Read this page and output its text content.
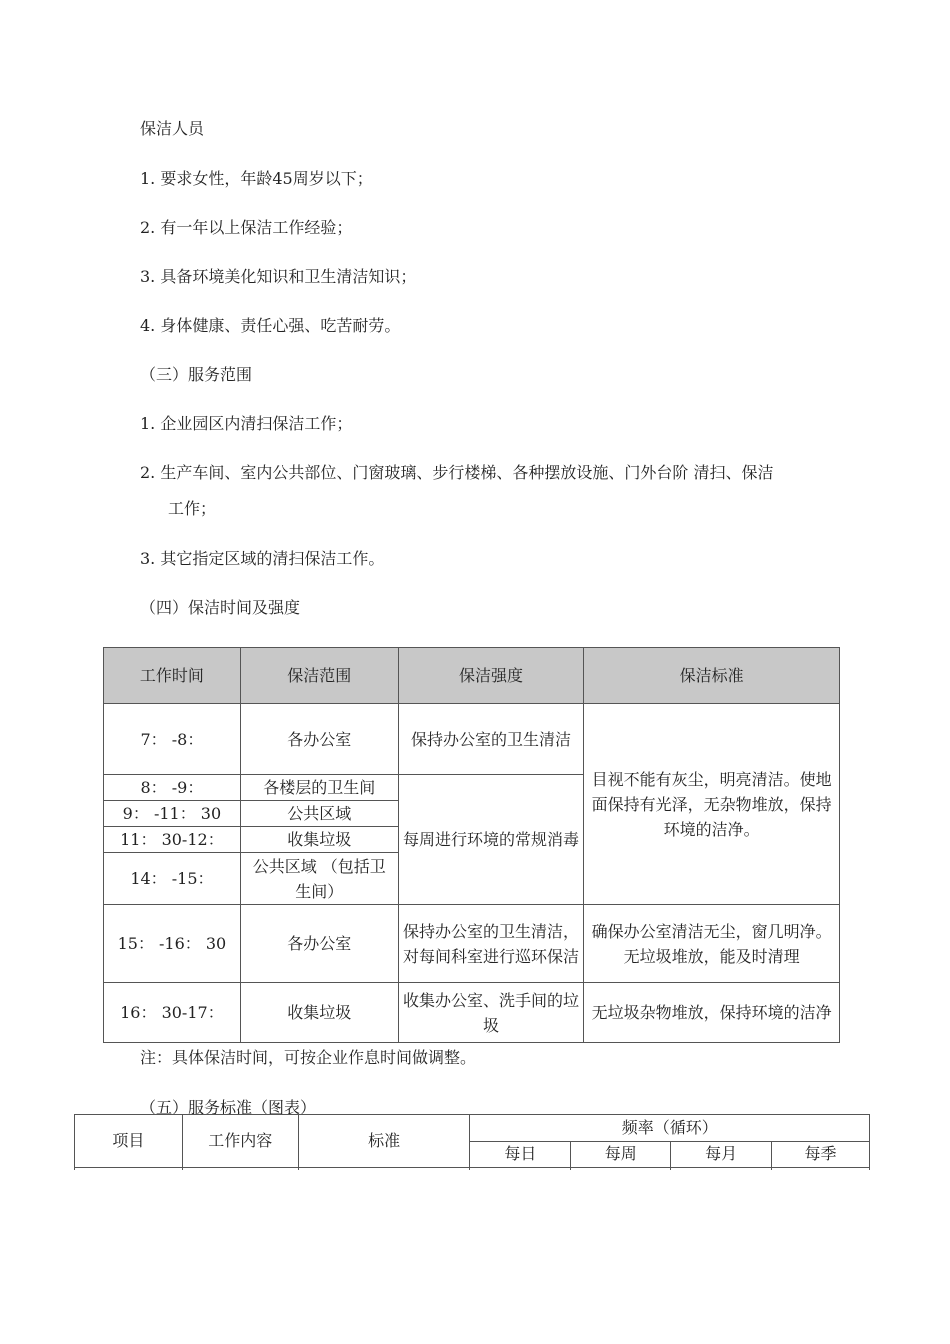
保洁人员
1. 要求女性，年龄45周岁以下；
2. 有一年以上保洁工作经验；
3. 具备环境美化知识和卫生清洁知识；
4. 身体健康、责任心强、吃苦耐劳。
（三）服务范围
1. 企业园区内清扫保洁工作；
2. 生产车间、室内公共部位、门窗玻璃、步行楼梯、各种摆放设施、门外台阶 清扫、保洁
工作；
3. 其它指定区域的清扫保洁工作。
（四）保洁时间及强度
工作时间	保洁范围	保洁强度	保洁标准
7： -8：	各办公室	保持办公室的卫生清洁	目视不能有灰尘，明亮清洁。使地面保持有光泽，无杂物堆放，保持环境的洁净。
8： -9：	各楼层的卫生间	每周进行环境的常规消毒	
9： -11： 30	公共区域		
11： 30-12：	收集垃圾		
14： -15：	公共区域 （包括卫生间）		
15： -16： 30	各办公室	保持办公室的卫生清洁，对每间科室进行巡环保洁	确保办公室清洁无尘，窗几明净。无垃圾堆放，能及时清理
16： 30-17：	收集垃圾	收集办公室、洗手间的垃圾	无垃圾杂物堆放，保持环境的洁净
注：具体保洁时间，可按企业作息时间做调整。
（五）服务标准（图表）
项目	工作内容	标准	频率（循环）			
			每日	每周	每月	每季
